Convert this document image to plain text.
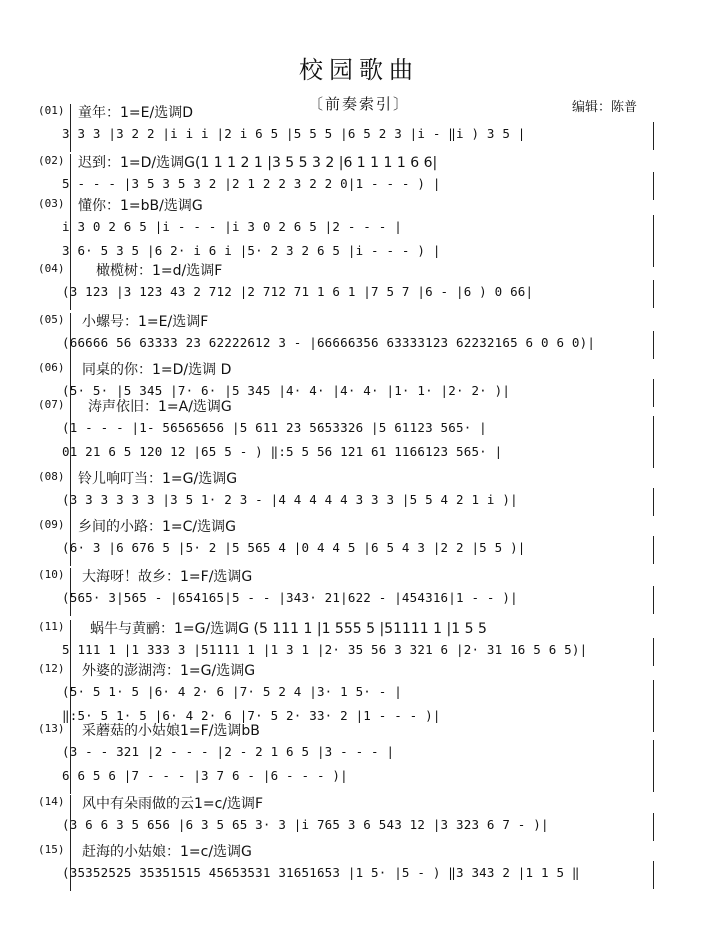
校园歌曲
〔前奏索引〕	编辑：陈普
(01) 童年：1=E/选调D
3 3 3 |3 2 2 |i i i |2 i 6 5 |5 5 5 |6 5 2 3 |i - ‖i ) 3 5 |
(02) 迟到：1=D/选调G(1 1 1 2 1 |3 5 5 3 2 |6 1 1 1 1 6 6|
5 - - - |3 5 3 5 3 2 |2 1 2 2 3 2 2 0|1 - - - ) |
(03) 懂你：1=bB/选调G
i 3 0 2 6 5 |i - - - |i 3 0 2 6 5 |2 - - - |
3 6· 5 3 5 |6 2· i 6 i |5· 2 3 2 6 5 |i - - - ) |
(04) 橄榄树：1=d/选调F
(3 123 |3 123 43 2 712 |2 712 71 1 6 1 |7 5 7 |6 - |6 ) 0 66|
(05) 小螺号：1=E/选调F
(66666 56 63333 23 62222612 3 - |66666356 63333123 62232165 6 0 6 0)|
(06) 同桌的你：1=D/选调 D
(5· 5· |5 345 |7· 6· |5 345 |4· 4· |4· 4· |1· 1· |2· 2· )|
(07) 涛声依旧：1=A/选调G
(1 - - - |1- 56565656 |5 611 23 5653326 |5 61123 565· |
01 21 6 5 120 12 |65 5 - ) ‖:5 5 56 121 61 1166123 565· |
(08) 铃儿响叮当：1=G/选调G
(3 3 3 3 3 3 |3 5 1· 2 3 - |4 4 4 4 4 3 3 3 |5 5 4 2 1 i )|
(09) 乡间的小路：1=C/选调G
(6· 3 |6 676 5 |5· 2 |5 565 4 |0 4 4 5 |6 5 4 3 |2 2 |5 5 )|
(10) 大海呀！故乡：1=F/选调G
(565· 3|565 - |654165|5 - - |343· 21|622 - |454316|1 - - )|
(11) 蜗牛与黄鹂：1=G/选调G (5 111 1 |1 555 5 |51111 1 |1 5 5
5 111 1 |1 333 3 |51111 1 |1 3 1 |2· 35 56 3 321 6 |2· 31 16 5 6 5)|
(12) 外婆的澎湖湾：1=G/选调G
(5· 5 1· 5 |6· 4 2· 6 |7· 5 2 4 |3· 1 5· - |
‖:5· 5 1· 5 |6· 4 2· 6 |7· 5 2· 33· 2 |1 - - - )|
(13) 采蘑菇的小姑娘1=F/选调bB
(3 - - 321 |2 - - - |2 - 2 1 6 5 |3 - - - |
6 6 5 6 |7 - - - |3 7 6 - |6 - - - )|
(14) 风中有朵雨做的云1=c/选调F
(3 6 6 3 5 656 |6 3 5 65 3· 3 |i 765 3 6 543 12 |3 323 6 7 - )|
(15) 赶海的小姑娘：1=c/选调G
(35352525 35351515 45653531 31651653 |1 5· |5 - ) ‖3 343 2 |1 1 5 ‖
